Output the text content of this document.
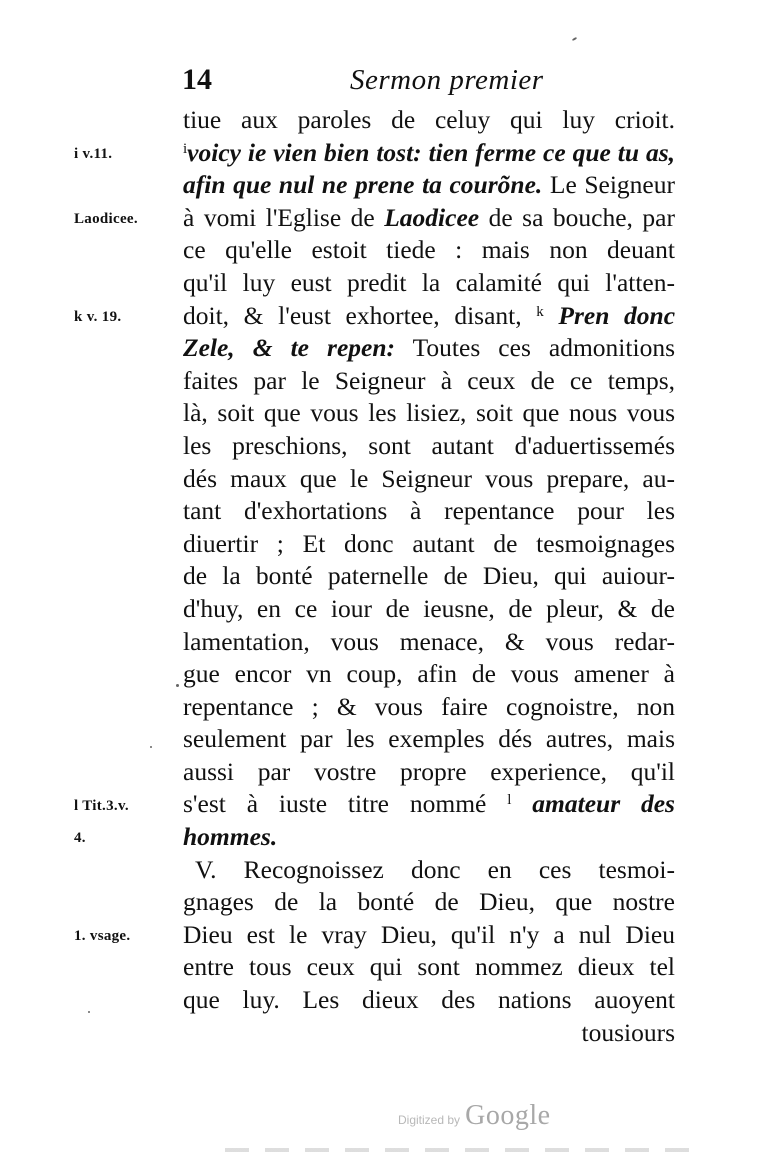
14	Sermon premier
tiue aux paroles de celuy qui luy crioit.
$^i$voicy ie vien bien tost: tien ferme ce que tu as,
afin que nul ne prene ta courõne. Le Seigneur
à vomi l'Eglise de Laodicee de sa bouche, par
ce qu'elle estoit tiede : mais non deuant
qu'il luy eust predit la calamité qui l'atten-
doit, & l'eust exhortee, disant, $^k$ Pren donc
Zele, & te repen: Toutes ces admonitions
faites par le Seigneur à ceux de ce temps,
là, soit que vous les lisiez, soit que nous vous
les preschions, sont autant d'aduertissemés
dés maux que le Seigneur vous prepare, au-
tant d'exhortations à repentance pour les
diuertir ; Et donc autant de tesmoignages
de la bonté paternelle de Dieu, qui auiour-
d'huy, en ce iour de ieusne, de pleur, & de
lamentation, vous menace, & vous redar-
gue encor vn coup, afin de vous amener à
repentance ; & vous faire cognoistre, non
seulement par les exemples dés autres, mais
aussi par vostre propre experience, qu'il
s'est à iuste titre nommé $^l$ amateur des
hommes.
V. Recognoissez donc en ces tesmoi-
gnages de la bonté de Dieu, que nostre
Dieu est le vray Dieu, qu'il n'y a nul Dieu
entre tous ceux qui sont nommez dieux tel
que luy. Les dieux des nations auoyent
tousiours
i v.11.
Laodicee.
k v. 19.
l Tit.3.v.
4.
1. vsage.
Digitized by Google
